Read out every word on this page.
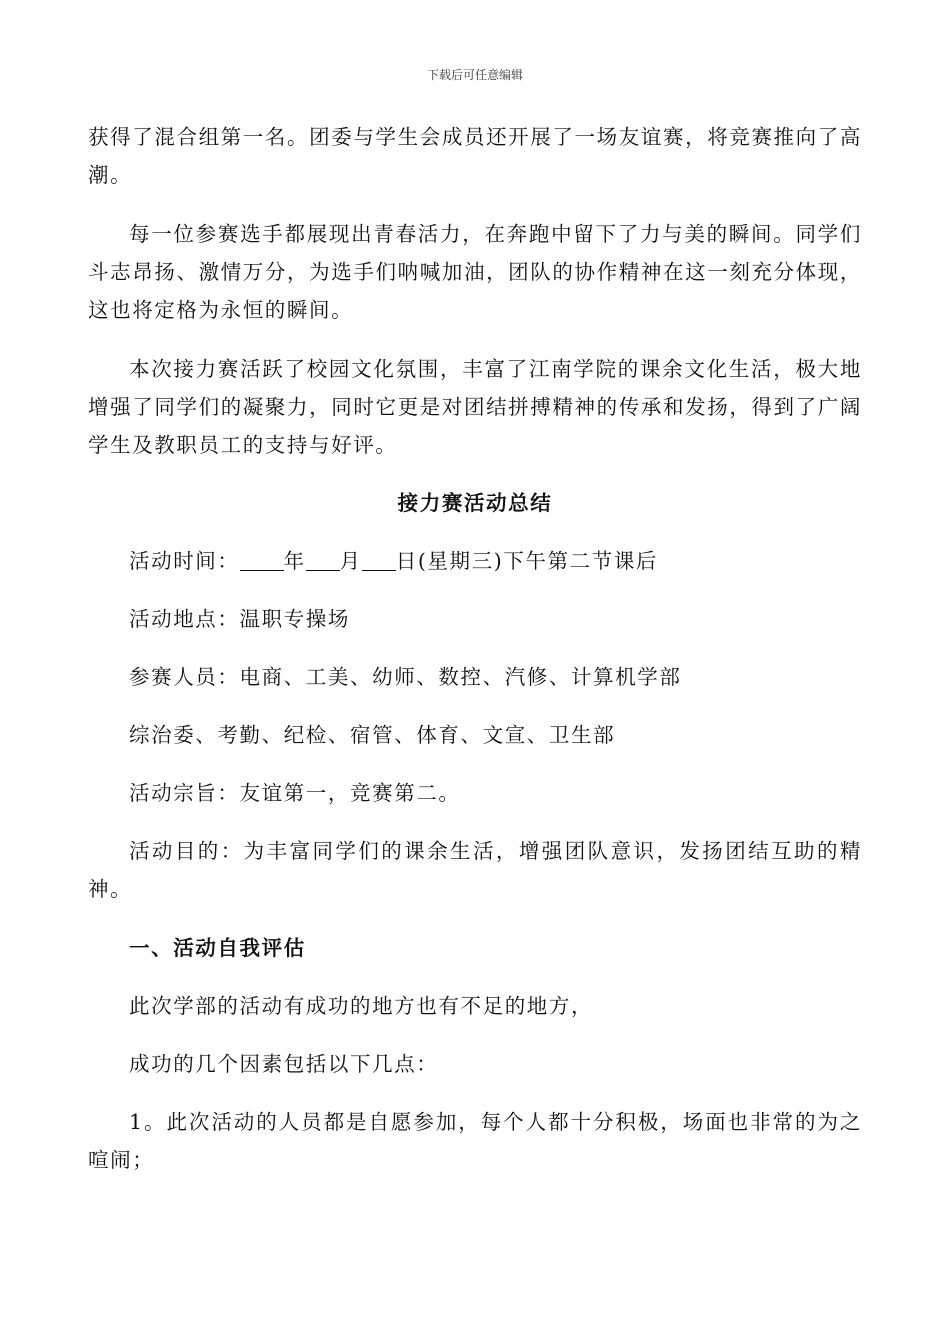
下载后可任意编辑

获得了混合组第一名。团委与学生会成员还开展了一场友谊赛，将竞赛推向了高潮。

每一位参赛选手都展现出青春活力，在奔跑中留下了力与美的瞬间。同学们斗志昂扬、激情万分，为选手们呐喊加油，团队的协作精神在这一刻充分体现，这也将定格为永恒的瞬间。

本次接力赛活跃了校园文化氛围，丰富了江南学院的课余文化生活，极大地增强了同学们的凝聚力，同时它更是对团结拼搏精神的传承和发扬，得到了广阔学生及教职员工的支持与好评。

接力赛活动总结

活动时间： 年 月 日(星期三)下午第二节课后

活动地点：温职专操场

参赛人员：电商、工美、幼师、数控、汽修、计算机学部

综治委、考勤、纪检、宿管、体育、文宣、卫生部

活动宗旨：友谊第一，竞赛第二。

活动目的：为丰富同学们的课余生活，增强团队意识，发扬团结互助的精神。

一、活动自我评估

此次学部的活动有成功的地方也有不足的地方，

成功的几个因素包括以下几点：

1。此次活动的人员都是自愿参加，每个人都十分积极，场面也非常的为之喧闹；
